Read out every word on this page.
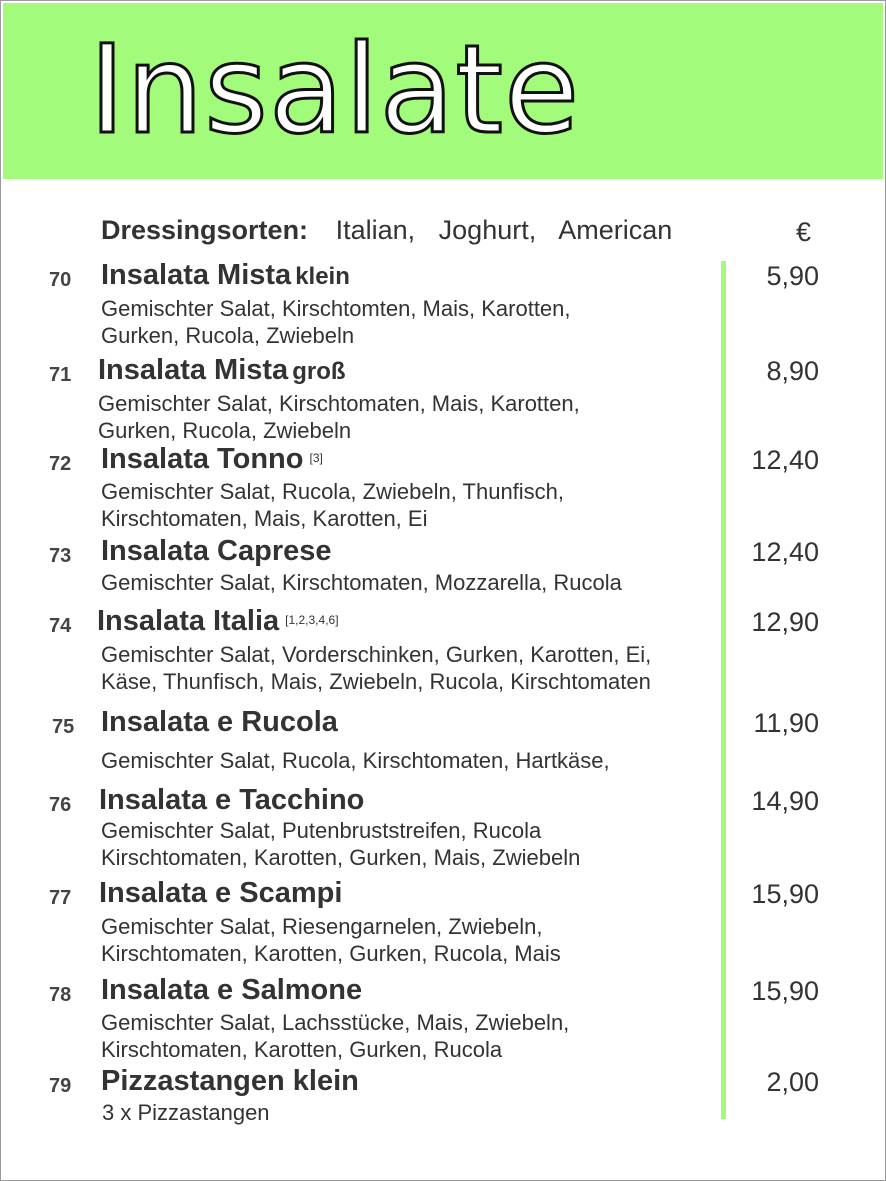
Insalate
Dressingsorten: Italian, Joghurt, American	€
70 Insalata Mista klein
Gemischter Salat, Kirschtomten, Mais, Karotten,
Gurken, Rucola, Zwiebeln
5,90
71 Insalata Mista groß
Gemischter Salat, Kirschtomaten, Mais, Karotten,
Gurken, Rucola, Zwiebeln
8,90
72 Insalata Tonno [3]
Gemischter Salat, Rucola, Zwiebeln, Thunfisch,
Kirschtomaten, Mais, Karotten, Ei
12,40
73 Insalata Caprese
Gemischter Salat, Kirschtomaten, Mozzarella, Rucola
12,40
74 Insalata Italia [1,2,3,4,6]
Gemischter Salat, Vorderschinken, Gurken, Karotten, Ei,
Käse, Thunfisch, Mais, Zwiebeln, Rucola, Kirschtomaten
12,90
75 Insalata e Rucola
Gemischter Salat, Rucola, Kirschtomaten, Hartkäse,
11,90
76 Insalata e Tacchino
Gemischter Salat, Putenbruststreifen, Rucola
Kirschtomaten, Karotten, Gurken, Mais, Zwiebeln
14,90
77 Insalata e Scampi
Gemischter Salat, Riesengarnelen, Zwiebeln,
Kirschtomaten, Karotten, Gurken, Rucola, Mais
15,90
78 Insalata e Salmone
Gemischter Salat, Lachsstücke, Mais, Zwiebeln,
Kirschtomaten, Karotten, Gurken, Rucola
15,90
79 Pizzastangen klein
3 x Pizzastangen
2,00
